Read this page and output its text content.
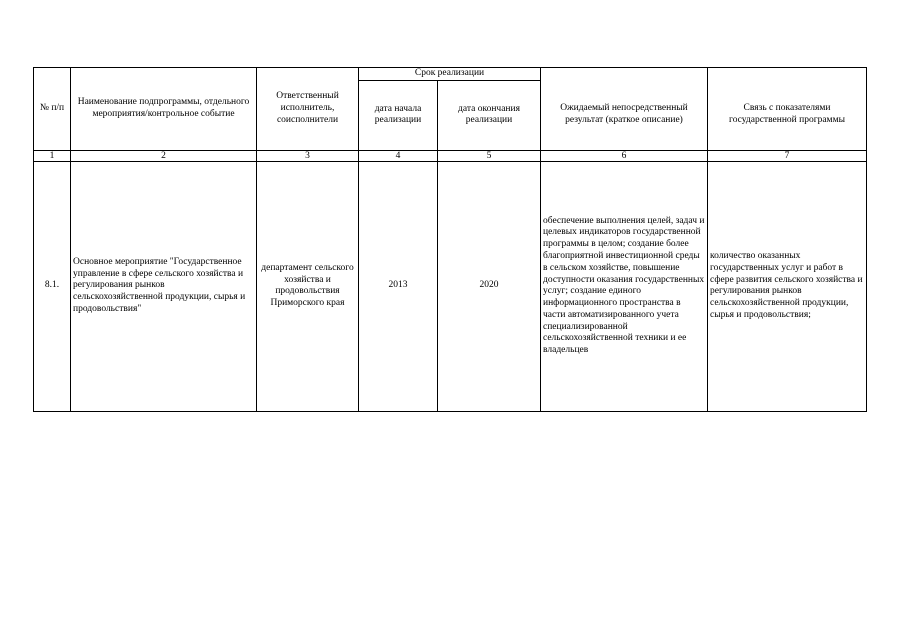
№ п/п	Наименование подпрограммы, отдельного мероприятия/контрольное событие	Ответственный исполнитель, соисполнители	Срок реализации			
			дата начала реализации	дата окончания реализации	Ожидаемый непосредственный результат (краткое описание)	Связь с показателями государственной программы
1	2	3	4	5	6	7
8.1.	Основное мероприятие "Государственное управление в сфере сельского хозяйства и регулирования рынков сельскохозяйственной продукции, сырья и продовольствия"	департамент сельского хозяйства и продовольствия Приморского края	2013	2020	обеспечение выполнения целей, задач и целевых индикаторов государственной программы в целом; создание более благоприятной инвестиционной среды в сельском хозяйстве, повышение доступности оказания государственных услуг; создание единого информационного пространства в части автоматизированного учета специализированной сельскохозяйственной техники и ее владельцев	количество оказанных государственных услуг и работ в сфере развития сельского хозяйства и регулирования рынков сельскохозяйственной продукции, сырья и продовольствия;
